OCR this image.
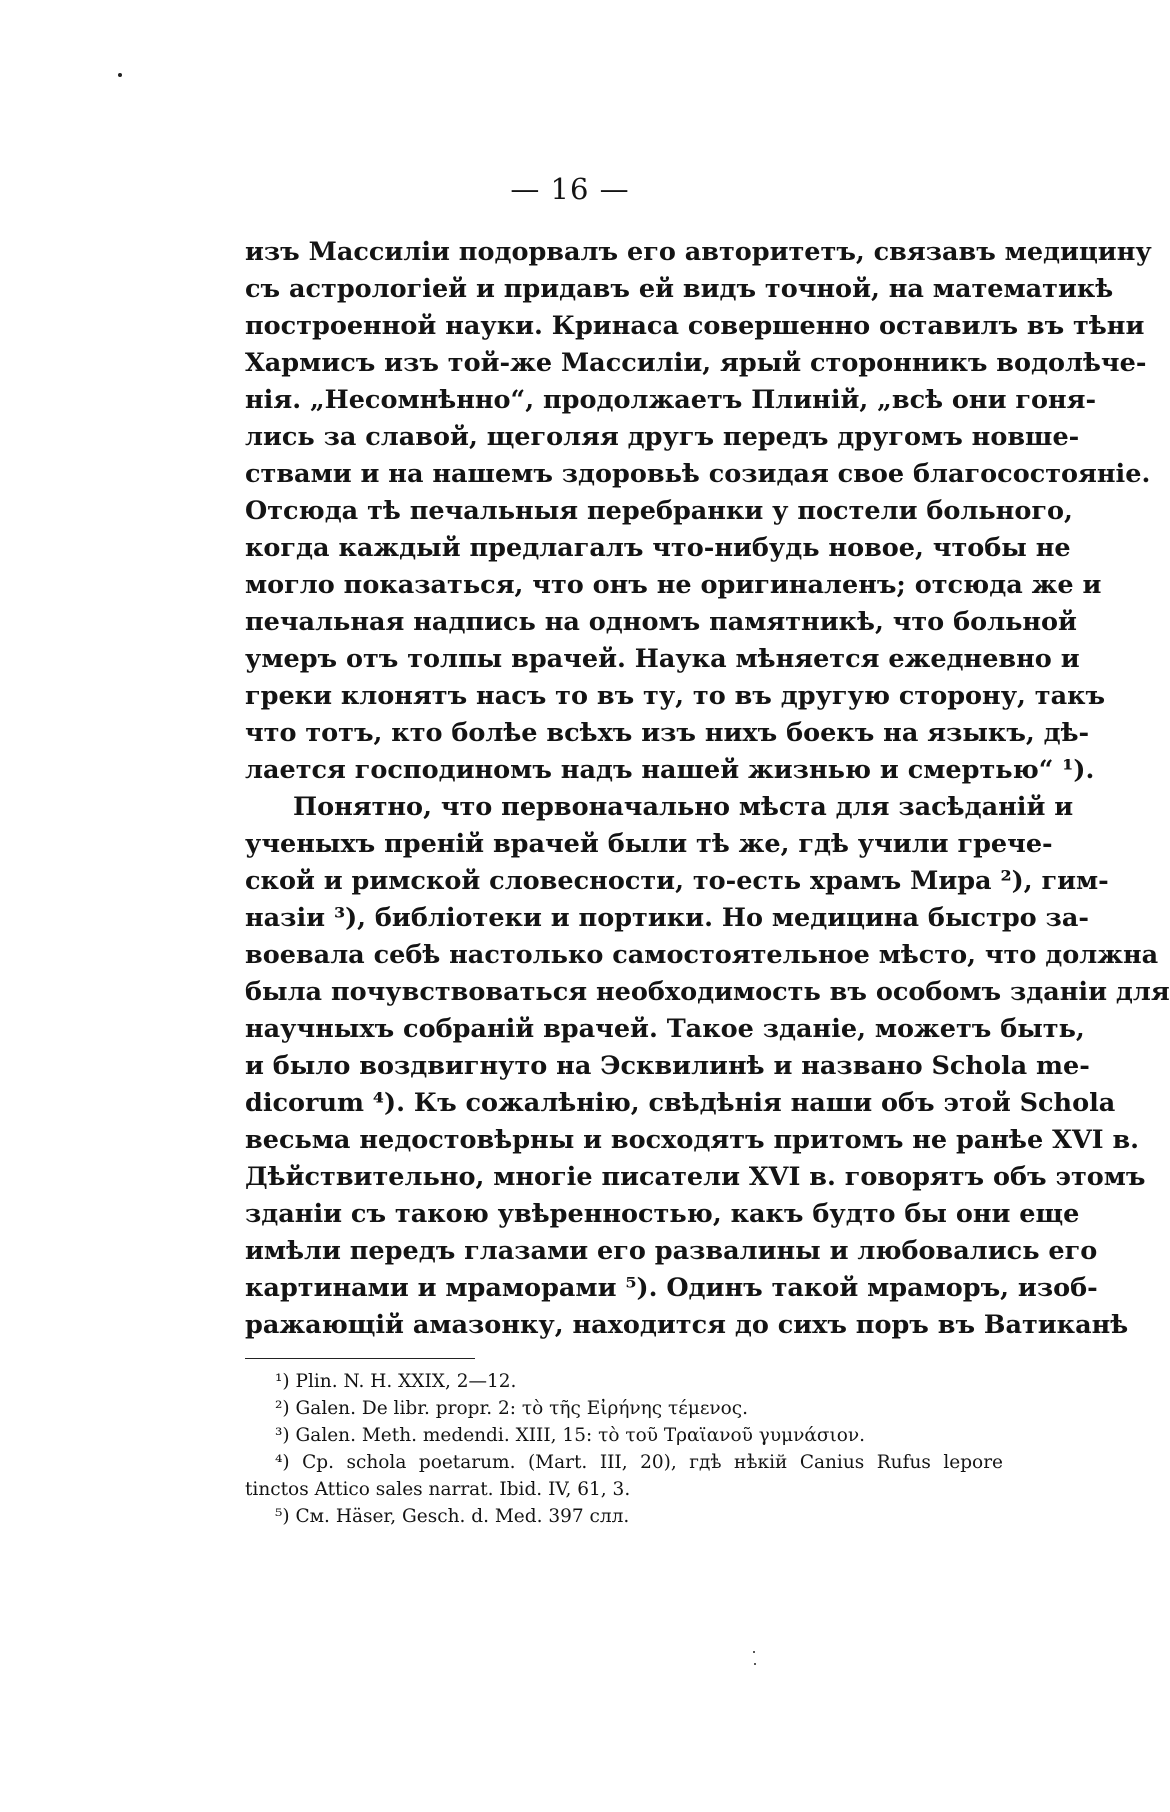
— 16 —
изъ Массиліи подорвалъ его авторитетъ, связавъ медицину
съ астрологіей и придавъ ей видъ точной, на математикѣ
построенной науки. Кринаса совершенно оставилъ въ тѣни
Хармисъ изъ той-же Массиліи, ярый сторонникъ водолѣче-
нія. „Несомнѣнно“, продолжаетъ Плиній, „всѣ они гоня-
лись за славой, щеголяя другъ передъ другомъ новше-
ствами и на нашемъ здоровьѣ созидая свое благосостояніе.
Отсюда тѣ печальныя перебранки у постели больного,
когда каждый предлагалъ что-нибудь новое, чтобы не
могло показаться, что онъ не оригиналенъ; отсюда же и
печальная надпись на одномъ памятникѣ, что больной
умеръ отъ толпы врачей. Наука мѣняется ежедневно и
греки клонятъ насъ то въ ту, то въ другую сторону, такъ
что тотъ, кто болѣе всѣхъ изъ нихъ боекъ на языкъ, дѣ-
лается господиномъ надъ нашей жизнью и смертью“ ¹).
Понятно, что первоначально мѣста для засѣданій и
ученыхъ преній врачей были тѣ же, гдѣ учили грече-
ской и римской словесности, то-есть храмъ Мира ²), гим-
назіи ³), библіотеки и портики. Но медицина быстро за-
воевала себѣ настолько самостоятельное мѣсто, что должна
была почувствоваться необходимость въ особомъ зданіи для
научныхъ собраній врачей. Такое зданіе, можетъ быть,
и было воздвигнуто на Эсквилинѣ и названо Schola me-
dicorum ⁴). Къ сожалѣнію, свѣдѣнія наши объ этой Schola
весьма недостовѣрны и восходятъ притомъ не ранѣе XVI в.
Дѣйствительно, многіе писатели XVI в. говорятъ объ этомъ
зданіи съ такою увѣренностью, какъ будто бы они еще
имѣли передъ глазами его развалины и любовались его
картинами и мраморами ⁵). Одинъ такой мраморъ, изоб-
ражающій амазонку, находится до сихъ поръ въ Ватиканѣ
¹) Plin. N. H. XXIX, 2—12.
²) Galen. De libr. propr. 2: τὸ τῆς Εἰρήνης τέμενος.
³) Galen. Meth. medendi. XIII, 15: τὸ τοῦ Τραϊανοῦ γυμνάσιον.
⁴) Cp. schola poetarum. (Mart. III, 20), гдѣ нѣкій Canius Rufus lepore
tinctos Attico sales narrat. Ibid. IV, 61, 3.
⁵) См. Häser, Gesch. d. Med. 397 слл.
